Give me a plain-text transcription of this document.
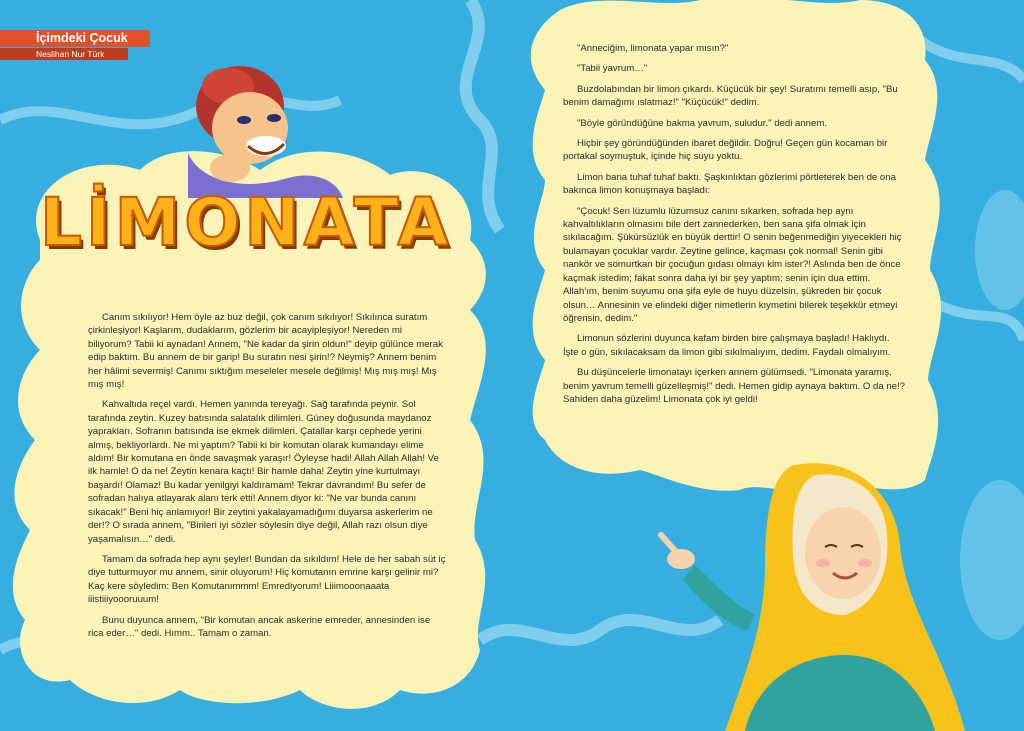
İçimdeki Çocuk
Neslihan Nur Türk
LİMONATA

Canım sıkılıyor! Hem öyle az buz değil, çok canım sıkılıyor! Sıkılınca suratım çirkinleşiyor! Kaşlarım, dudaklarım, gözlerim bir acayipleşiyor! Nereden mi biliyorum? Tabii ki aynadan! Annem, "Ne kadar da şirin oldun!" deyip gülünce merak edip baktım. Bu annem de bir garip! Bu suratın nesi şirin!? Neymiş? Annem benim her hâlimi severmiş! Canımı sıktığım meseleler mesele değilmiş! Mış mış mış! Mış mış mış!

Kahvaltıda reçel vardı. Hemen yanında tereyağı. Sağ tarafında peynir. Sol tarafında zeytin. Kuzey batısında salatalık dilimleri. Güney doğusunda maydanoz yaprakları. Sofranın batısında ise ekmek dilimleri. Çatallar karşı cephede yerini almış, bekliyorlardı. Ne mi yaptım? Tabii ki bir komutan olarak kumandayı elime aldım! Bir komutana en önde savaşmak yaraşır! Öyleyse hadi! Allah Allah Allah! Ve ilk hamle! O da ne! Zeytin kenara kaçtı! Bir hamle daha! Zeytin yine kurtulmayı başardı! Olamaz! Bu kadar yenilgiyi kaldıramam! Tekrar davrandım! Bu sefer de sofradan halıya atlayarak alanı terk etti! Annem diyor ki: "Ne var bunda canını sıkacak!" Beni hiç anlamıyor! Bir zeytini yakalayamadığımı duyarsa askerlerim ne der!? O sırada annem, "Birileri iyi sözler söylesin diye değil, Allah razı olsun diye yaşamalısın…" dedi.

Tamam da sofrada hep aynı şeyler! Bundan da sıkıldım! Hele de her sabah süt iç diye tutturmuyor mu annem, sinir oluyorum! Hiç komutanın emrine karşı gelinir mi? Kaç kere söyledim: Ben Komutanımmm! Emrediyorum! Liiimooonaaata iiistiiiyoooruuum!

Bunu duyunca annem, "Bir komutan ancak askerine emreder, annesinden ise rica eder…" dedi. Hımm.. Tamam o zaman.

"Anneciğim, limonata yapar mısın?"

"Tabii yavrum…"

Buzdolabından bir limon çıkardı. Küçücük bir şey! Suratımı temelli asıp, "Bu benim damağımı ıslatmaz!" "Küçücük!" dedim.

"Böyle göründüğüne bakma yavrum, suludur." dedi annem.

Hiçbir şey göründüğünden ibaret değildir. Doğru! Geçen gün kocaman bir portakal soymuştuk, içinde hiç suyu yoktu.

Limon bana tuhaf tuhaf baktı. Şaşkınlıktan gözlerimi pörtleterek ben de ona bakınca limon konuşmaya başladı:

"Çocuk! Sen lüzumlu lüzumsuz canını sıkarken, sofrada hep aynı kahvaltılıkların olmasını bile dert zannederken, ben sana şifa olmak için sıkılacağım. Şükürsüzlük en büyük derttir! O senin beğenmediğin yiyecekleri hiç bulamayan çocuklar vardır. Zeytine gelince, kaçması çok normal! Senin gibi nankör ve somurtkan bir çocuğun gıdası olmayı kim ister?! Aslında ben de önce kaçmak istedim; fakat sonra daha iyi bir şey yaptım; senin için dua ettim. Allah'ım, benim suyumu ona şifa eyle de huyu düzelsin, şükreden bir çocuk olsun… Annesinin ve elindeki diğer nimetlerin kıymetini bilerek teşekkür etmeyi öğrensin, dedim."

Limonun sözlerini duyunca kafam birden bire çalışmaya başladı! Haklıydı. İşte o gün, sıkılacaksam da limon gibi sıkılmalıyım, dedim. Faydalı olmalıyım.

Bu düşüncelerle limonatayı içerken annem gülümsedi. "Limonata yaramış, benim yavrum temelli güzelleşmiş!" dedi. Hemen gidip aynaya baktım. O da ne!? Sahiden daha güzelim! Limonata çok iyi geldi!
